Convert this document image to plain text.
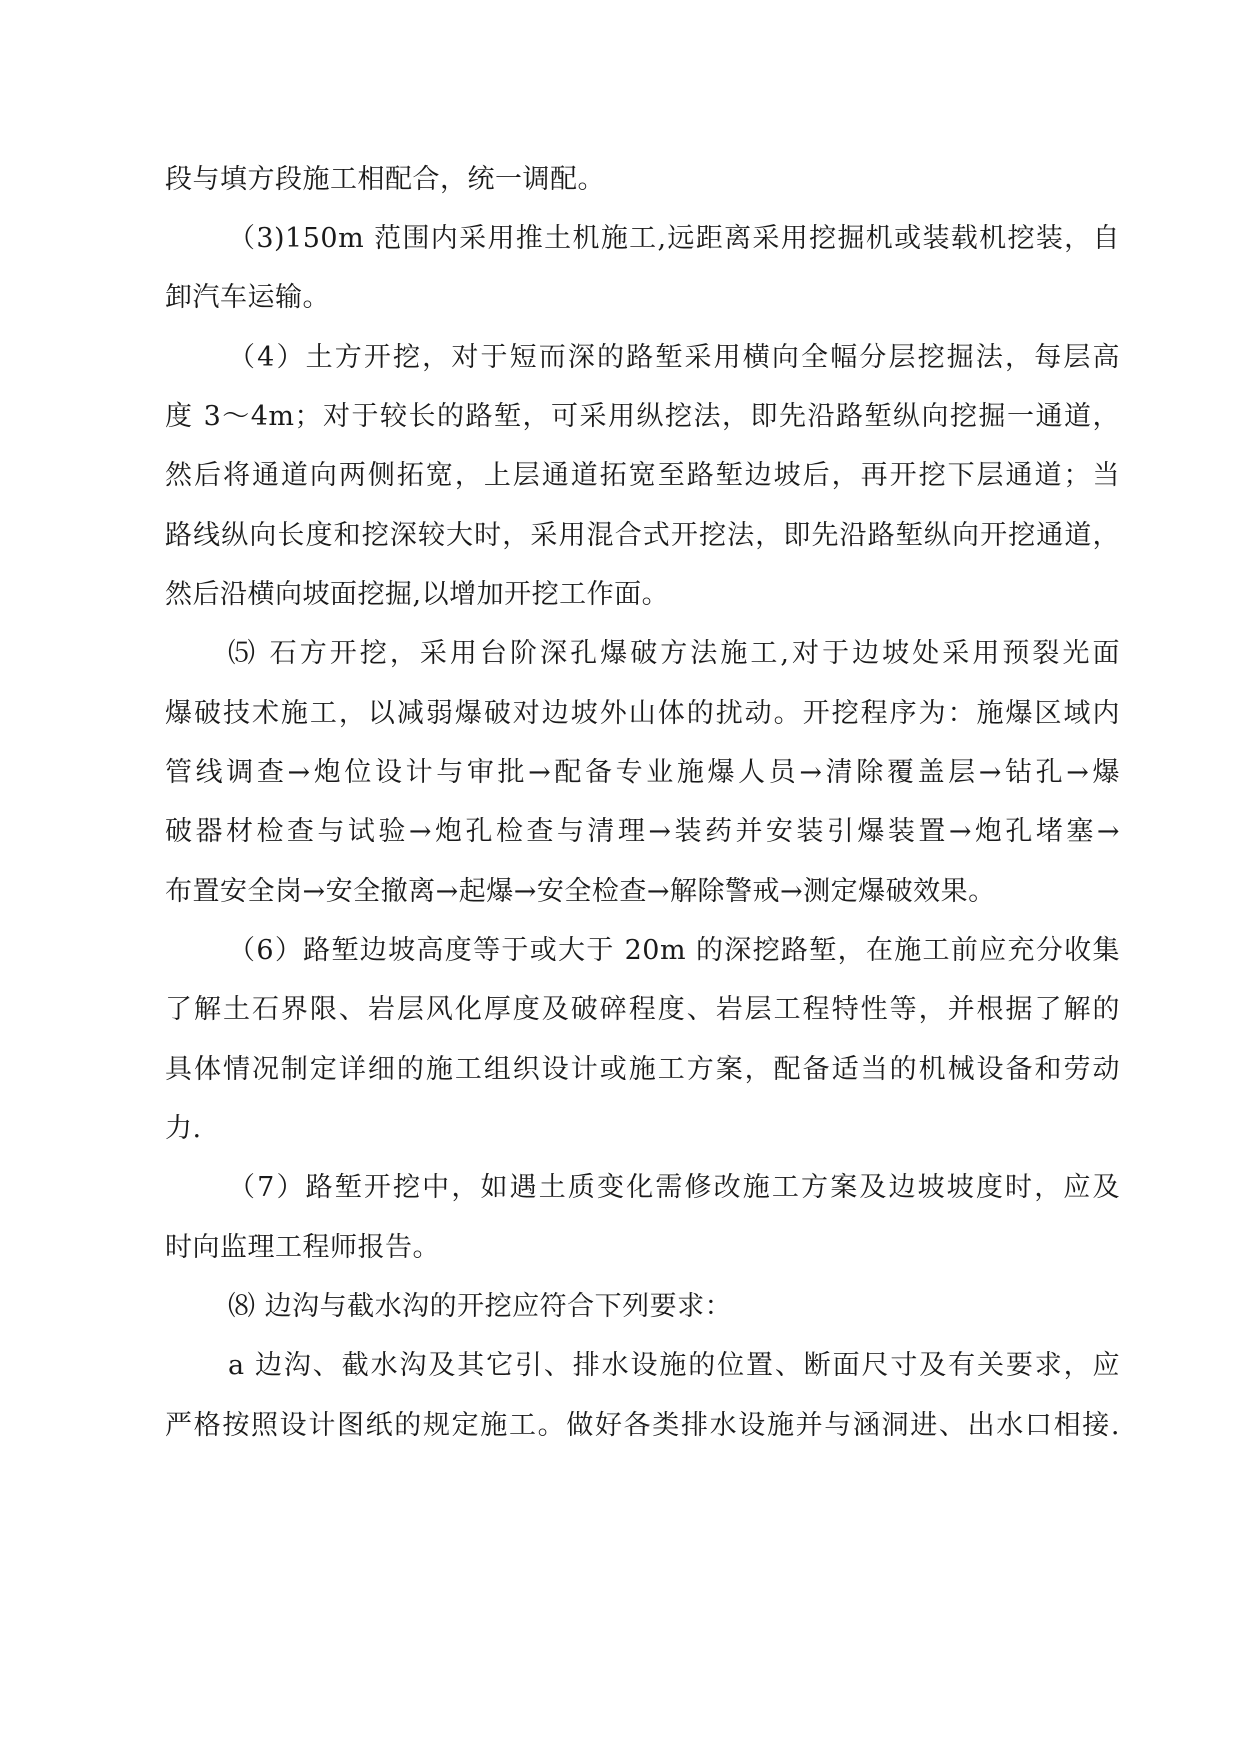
段与填方段施工相配合，统一调配。
（3)150m 范围内采用推土机施工,远距离采用挖掘机或装载机挖装，自
卸汽车运输。
（4）土方开挖，对于短而深的路堑采用横向全幅分层挖掘法，每层高
度 3～4m；对于较长的路堑，可采用纵挖法，即先沿路堑纵向挖掘一通道，
然后将通道向两侧拓宽，上层通道拓宽至路堑边坡后，再开挖下层通道；当
路线纵向长度和挖深较大时，采用混合式开挖法，即先沿路堑纵向开挖通道，
然后沿横向坡面挖掘,以增加开挖工作面。
⑸ 石方开挖，采用台阶深孔爆破方法施工,对于边坡处采用预裂光面
爆破技术施工，以减弱爆破对边坡外山体的扰动。开挖程序为：施爆区域内
管线调查→炮位设计与审批→配备专业施爆人员→清除覆盖层→钻孔→爆
破器材检查与试验→炮孔检查与清理→装药并安装引爆装置→炮孔堵塞→
布置安全岗→安全撤离→起爆→安全检查→解除警戒→测定爆破效果。
（6）路堑边坡高度等于或大于 20m 的深挖路堑，在施工前应充分收集
了解土石界限、岩层风化厚度及破碎程度、岩层工程特性等，并根据了解的
具体情况制定详细的施工组织设计或施工方案，配备适当的机械设备和劳动
力.
（7）路堑开挖中，如遇土质变化需修改施工方案及边坡坡度时，应及
时向监理工程师报告。
⑻ 边沟与截水沟的开挖应符合下列要求：
a 边沟、截水沟及其它引、排水设施的位置、断面尺寸及有关要求，应
严格按照设计图纸的规定施工。做好各类排水设施并与涵洞进、出水口相接.
